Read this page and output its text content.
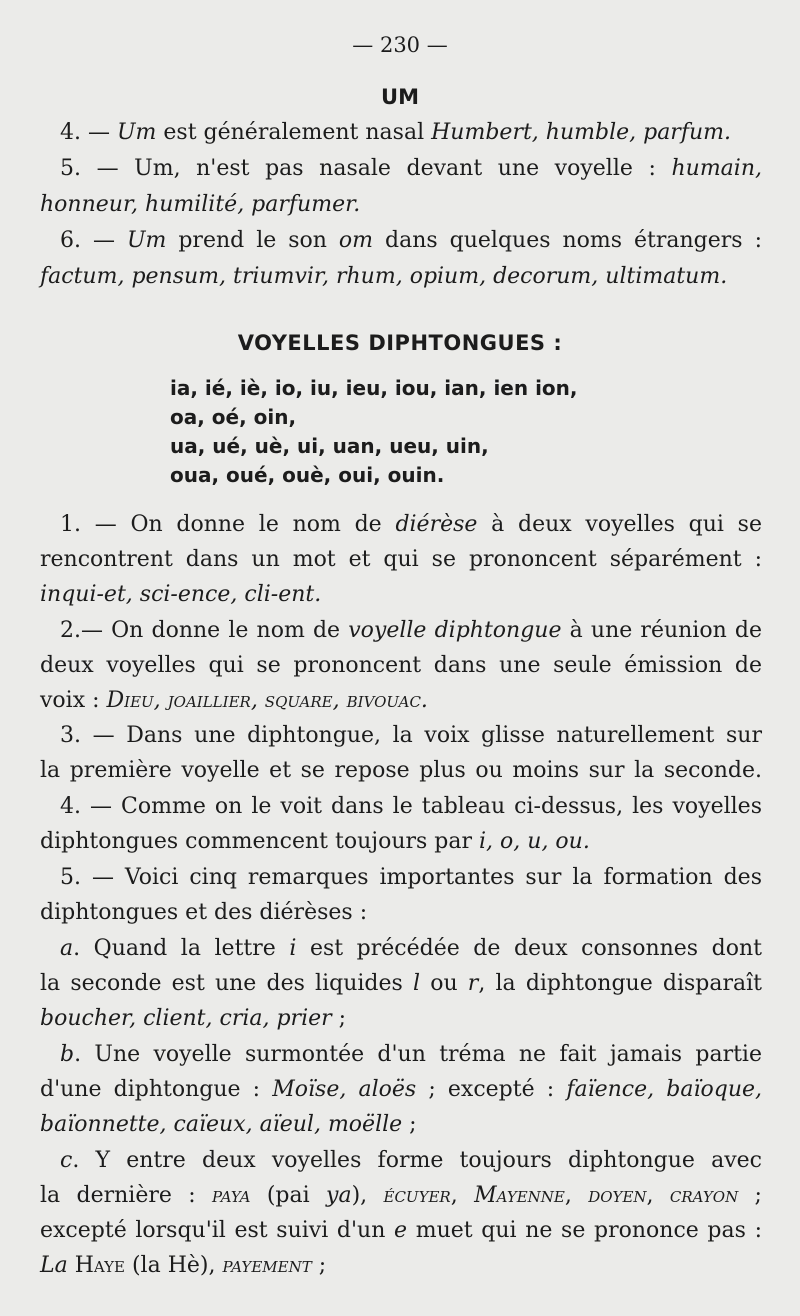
— 230 —
UM
4. — Um est généralement nasal Humbert, humble, parfum.
5. — Um, n'est pas nasale devant une voyelle : humain,
honneur, humilité, parfumer.
6. — Um prend le son om dans quelques noms étrangers :
factum, pensum, triumvir, rhum, opium, decorum, ultimatum.
VOYELLES DIPHTONGUES :
ia, ié, iè, io, iu, ieu, iou, ian, ien ion,
oa, oé, oin,
ua, ué, uè, ui, uan, ueu, uin,
oua, oué, ouè, oui, ouin.
1. — On donne le nom de diérèse à deux voyelles qui se
rencontrent dans un mot et qui se prononcent séparément :
inqui-et, sci-ence, cli-ent.
2.— On donne le nom de voyelle diphtongue à une réunion de
deux voyelles qui se prononcent dans une seule émission de
voix : Dieu, joaillier, square, bivouac.
3. — Dans une diphtongue, la voix glisse naturellement sur
la première voyelle et se repose plus ou moins sur la seconde.
4. — Comme on le voit dans le tableau ci-dessus, les voyelles
diphtongues commencent toujours par i, o, u, ou.
5. — Voici cinq remarques importantes sur la formation des
diphtongues et des diérèses :
a. Quand la lettre i est précédée de deux consonnes dont
la seconde est une des liquides l ou r, la diphtongue disparaît
boucher, client, cria, prier ;
b. Une voyelle surmontée d'un tréma ne fait jamais partie
d'une diphtongue : Moïse, aloës ; excepté : faïence, baïoque,
baïonnette, caïeux, aïeul, moëlle ;
c. Y entre deux voyelles forme toujours diphtongue avec
la dernière : paya (pai ya), écuyer, Mayenne, doyen, crayon ;
excepté lorsqu'il est suivi d'un e muet qui ne se prononce pas :
La Haye (la Hè), payement ;
